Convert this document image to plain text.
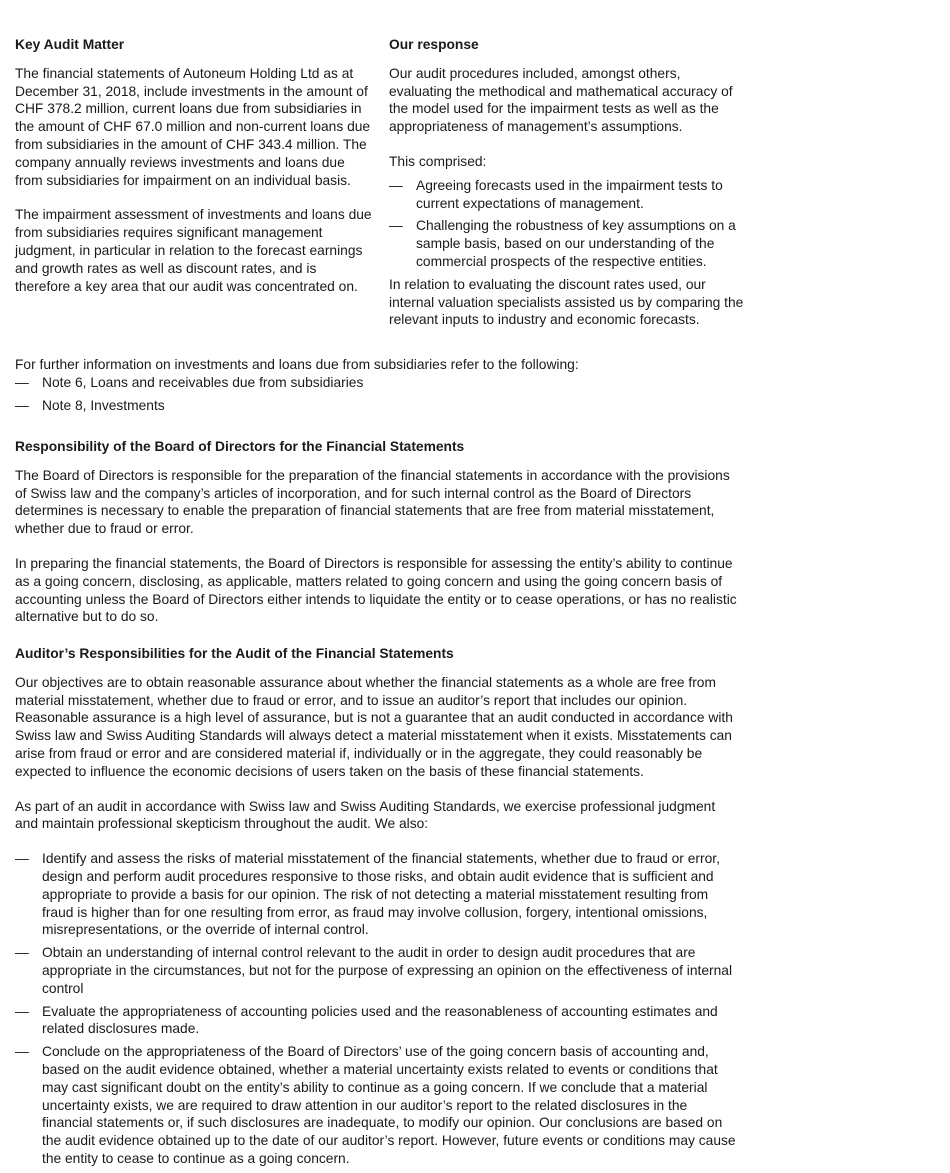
Key Audit Matter

The financial statements of Autoneum Holding Ltd as at December 31, 2018, include investments in the amount of CHF 378.2 million, current loans due from subsidiaries in the amount of CHF 67.0 million and non-current loans due from subsidiaries in the amount of CHF 343.4 million. The company annually reviews investments and loans due from subsidiaries for impairment on an individual basis.

The impairment assessment of investments and loans due from subsidiaries requires significant management judgment, in particular in relation to the forecast earnings and growth rates as well as discount rates, and is therefore a key area that our audit was concentrated on.

Our response

Our audit procedures included, amongst others, evaluating the methodical and mathematical accuracy of the model used for the impairment tests as well as the appropriateness of management’s assumptions.

This comprised:

— Agreeing forecasts used in the impairment tests to current expectations of management.
— Challenging the robustness of key assumptions on a sample basis, based on our understanding of the commercial prospects of the respective entities.

In relation to evaluating the discount rates used, our internal valuation specialists assisted us by comparing the relevant inputs to industry and economic forecasts.

For further information on investments and loans due from subsidiaries refer to the following:

— Note 6, Loans and receivables due from subsidiaries
— Note 8, Investments
Responsibility of the Board of Directors for the Financial Statements

The Board of Directors is responsible for the preparation of the financial statements in accordance with the provisions of Swiss law and the company’s articles of incorporation, and for such internal control as the Board of Directors determines is necessary to enable the preparation of financial statements that are free from material misstatement, whether due to fraud or error.

In preparing the financial statements, the Board of Directors is responsible for assessing the entity’s ability to continue as a going concern, disclosing, as applicable, matters related to going concern and using the going concern basis of accounting unless the Board of Directors either intends to liquidate the entity or to cease operations, or has no realistic alternative but to do so.

Auditor’s Responsibilities for the Audit of the Financial Statements

Our objectives are to obtain reasonable assurance about whether the financial statements as a whole are free from material misstatement, whether due to fraud or error, and to issue an auditor’s report that includes our opinion. Reasonable assurance is a high level of assurance, but is not a guarantee that an audit conducted in accordance with Swiss law and Swiss Auditing Standards will always detect a material misstatement when it exists. Misstatements can arise from fraud or error and are considered material if, individually or in the aggregate, they could reasonably be expected to influence the economic decisions of users taken on the basis of these financial statements.

As part of an audit in accordance with Swiss law and Swiss Auditing Standards, we exercise professional judgment and maintain professional skepticism throughout the audit. We also:

— Identify and assess the risks of material misstatement of the financial statements, whether due to fraud or error, design and perform audit procedures responsive to those risks, and obtain audit evidence that is sufficient and appropriate to provide a basis for our opinion. The risk of not detecting a material misstatement resulting from fraud is higher than for one resulting from error, as fraud may involve collusion, forgery, intentional omissions, misrepresentations, or the override of internal control.
— Obtain an understanding of internal control relevant to the audit in order to design audit procedures that are appropriate in the circumstances, but not for the purpose of expressing an opinion on the effectiveness of internal control
— Evaluate the appropriateness of accounting policies used and the reasonableness of accounting estimates and related disclosures made.
— Conclude on the appropriateness of the Board of Directors’ use of the going concern basis of accounting and, based on the audit evidence obtained, whether a material uncertainty exists related to events or conditions that may cast significant doubt on the entity’s ability to continue as a going concern. If we conclude that a material uncertainty exists, we are required to draw attention in our auditor’s report to the related disclosures in the financial statements or, if such disclosures are inadequate, to modify our opinion. Our conclusions are based on the audit evidence obtained up to the date of our auditor’s report. However, future events or conditions may cause the entity to cease to continue as a going concern.
